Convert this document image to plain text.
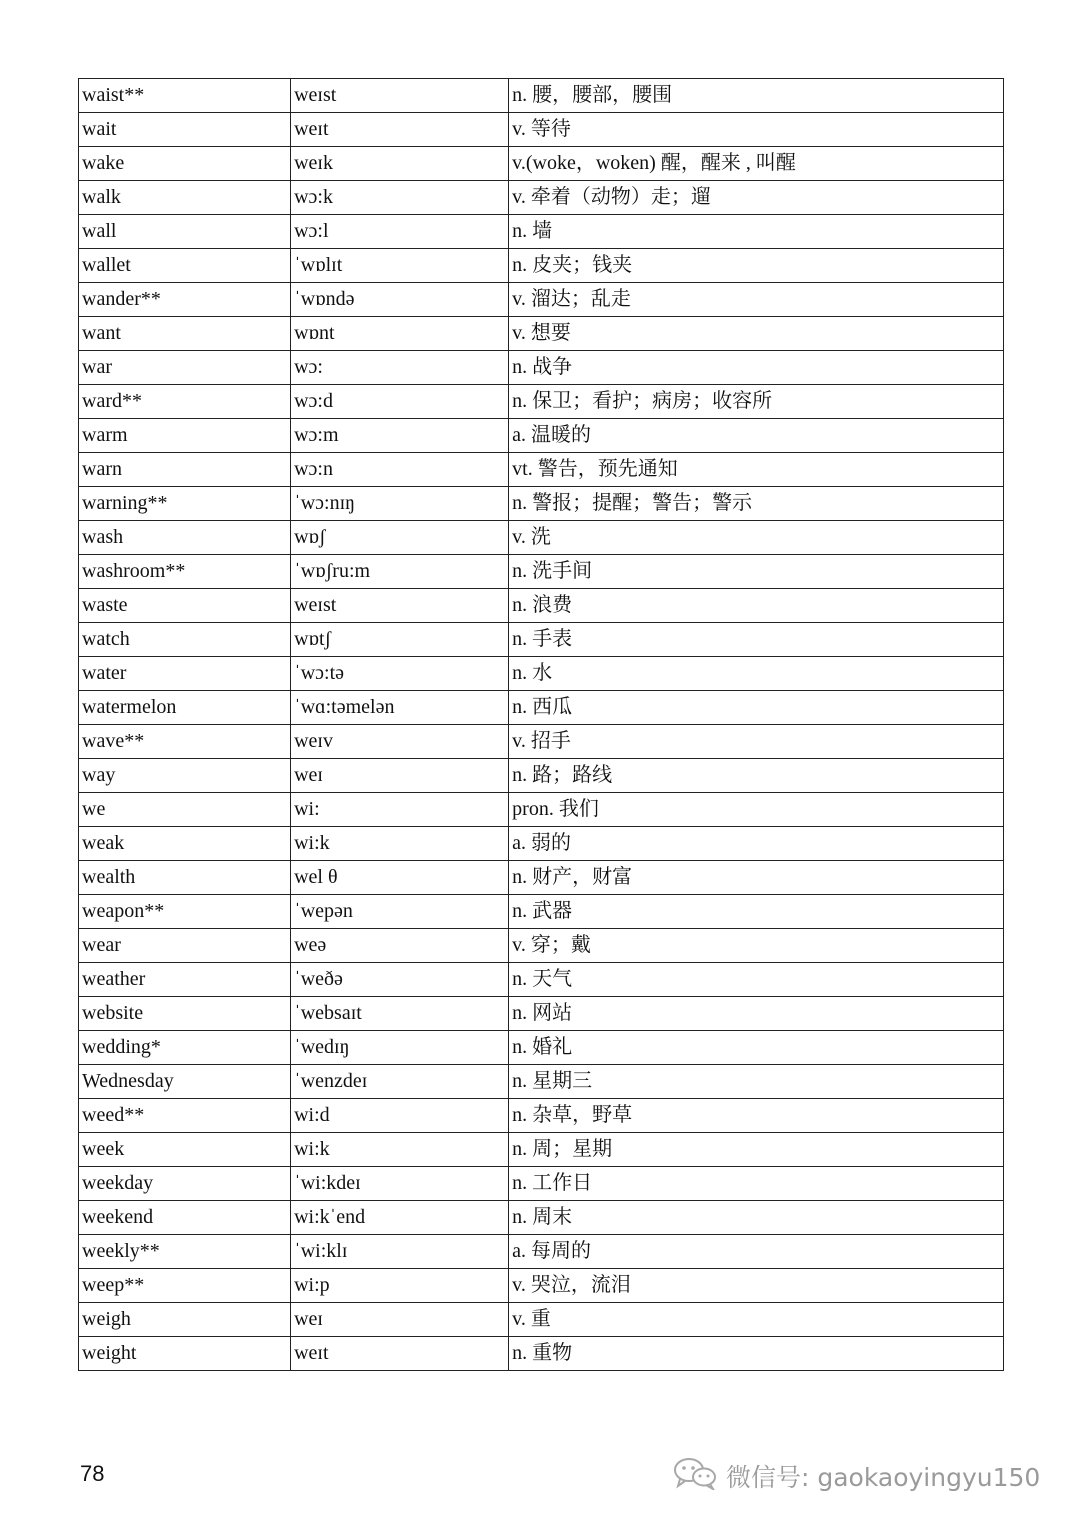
waist**	weɪst	n. 腰，腰部，腰围
wait	weɪt	v. 等待
wake	weɪk	v.(woke，woken) 醒，醒来 , 叫醒
walk	wɔ:k	v. 牵着（动物）走；遛
wall	wɔ:l	n. 墙
wallet	ˈwɒlɪt	n. 皮夹；钱夹
wander**	ˈwɒndə	v. 溜达；乱走
want	wɒnt	v. 想要
war	wɔ:	n. 战争
ward**	wɔ:d	n. 保卫；看护；病房；收容所
warm	wɔ:m	a. 温暖的
warn	wɔ:n	vt. 警告，预先通知
warning**	ˈwɔ:nɪŋ	n. 警报；提醒；警告；警示
wash	wɒʃ	v. 洗
washroom**	ˈwɒʃru:m	n. 洗手间
waste	weɪst	n. 浪费
watch	wɒtʃ	n. 手表
water	ˈwɔ:tə	n. 水
watermelon	ˈwɑ:təmelən	n. 西瓜
wave**	weɪv	v. 招手
way	weɪ	n. 路；路线
we	wi:	pron. 我们
weak	wi:k	a. 弱的
wealth	wel θ	n. 财产，财富
weapon**	ˈwepən	n. 武器
wear	weə	v. 穿；戴
weather	ˈweðə	n. 天气
website	ˈwebsaɪt	n. 网站
wedding*	ˈwedɪŋ	n. 婚礼
Wednesday	ˈwenzdeɪ	n. 星期三
weed**	wi:d	n. 杂草，野草
week	wi:k	n. 周；星期
weekday	ˈwi:kdeɪ	n. 工作日
weekend	wi:kˈend	n. 周末
weekly**	ˈwi:klɪ	a. 每周的
weep**	wi:p	v. 哭泣，流泪
weigh	weɪ	v. 重
weight	weɪt	n. 重物
78	微信号: gaokaoyingyu150
